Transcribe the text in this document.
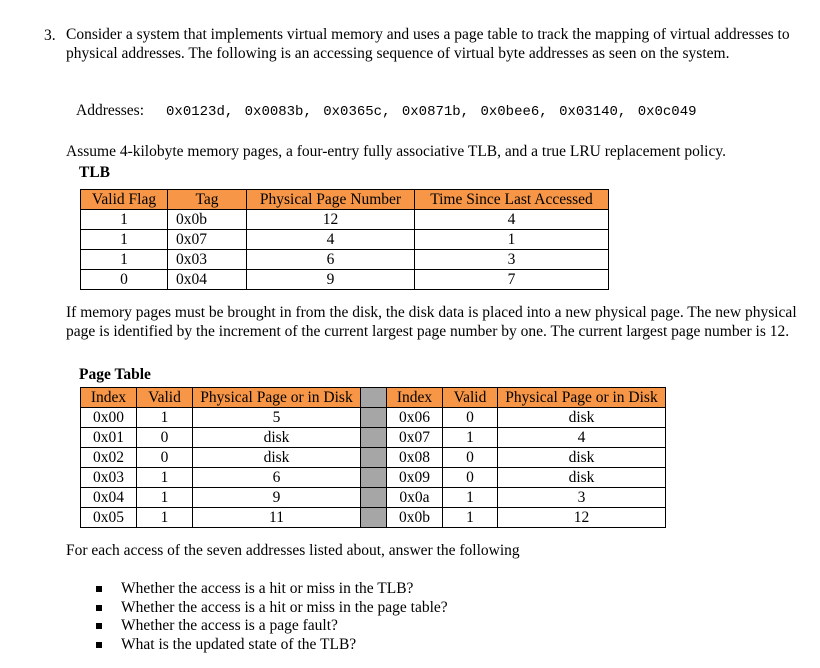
3. Consider a system that implements virtual memory and uses a page table to track the mapping of virtual addresses to physical addresses. The following is an accessing sequence of virtual byte addresses as seen on the system.
Addresses: 0x0123d, 0x0083b, 0x0365c, 0x0871b, 0x0bee6, 0x03140, 0x0c049
Assume 4-kilobyte memory pages, a four-entry fully associative TLB, and a true LRU replacement policy.
TLB
Valid Flag	Tag	Physical Page Number	Time Since Last Accessed
1	0x0b	12	4
1	0x07	4	1
1	0x03	6	3
0	0x04	9	7
If memory pages must be brought in from the disk, the disk data is placed into a new physical page. The new physical page is identified by the increment of the current largest page number by one. The current largest page number is 12.
Page Table
Index	Valid	Physical Page or in Disk		Index	Valid	Physical Page or in Disk
0x00	1	5		0x06	0	disk
0x01	0	disk		0x07	1	4
0x02	0	disk		0x08	0	disk
0x03	1	6		0x09	0	disk
0x04	1	9		0x0a	1	3
0x05	1	11		0x0b	1	12
For each access of the seven addresses listed about, answer the following
Whether the access is a hit or miss in the TLB?
Whether the access is a hit or miss in the page table?
Whether the access is a page fault?
What is the updated state of the TLB?
